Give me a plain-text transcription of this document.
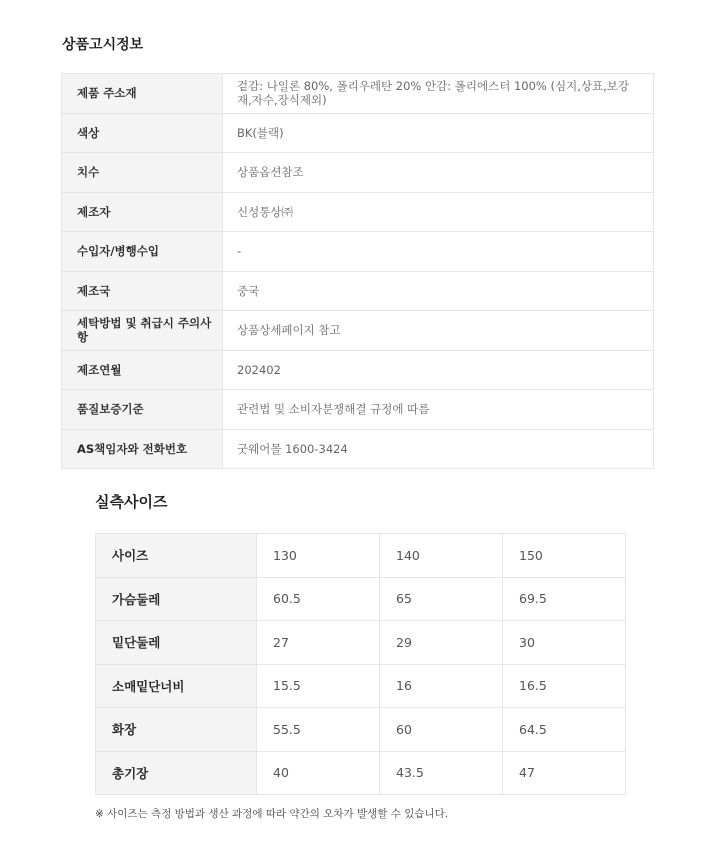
상품고시정보
제품 주소재	겉감: 나일론 80%, 폴리우레탄 20% 안감: 폴리에스터 100% (심지,상표,보강재,자수,장식제외)
색상	BK(블랙)
치수	상품옵션참조
제조자	신성통상㈜
수입자/병행수입	-
제조국	중국
세탁방법 및 취급시 주의사항	상품상세페이지 참고
제조연월	202402
품질보증기준	관련법 및 소비자분쟁해결 규정에 따름
AS책임자와 전화번호	굿웨어몰 1600-3424
실측사이즈
사이즈	130	140	150
가슴둘레	60.5	65	69.5
밑단둘레	27	29	30
소매밑단너비	15.5	16	16.5
화장	55.5	60	64.5
총기장	40	43.5	47
※ 사이즈는 측정 방법과 생산 과정에 따라 약간의 오차가 발생할 수 있습니다.
